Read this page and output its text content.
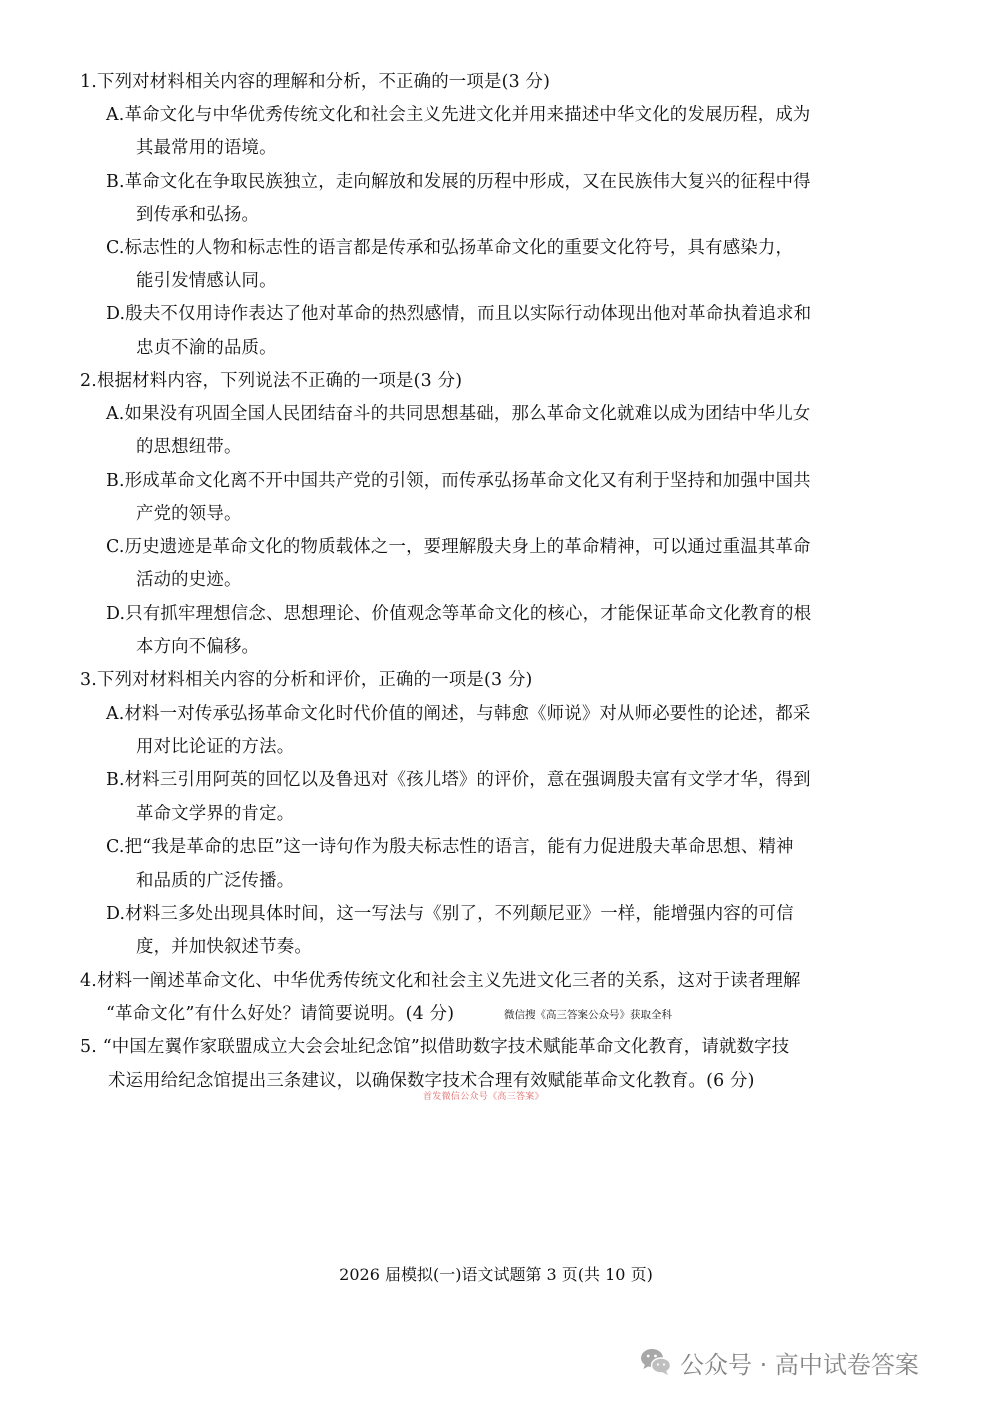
1.下列对材料相关内容的理解和分析，不正确的一项是(3 分)
A.革命文化与中华优秀传统文化和社会主义先进文化并用来描述中华文化的发展历程，成为
其最常用的语境。
B.革命文化在争取民族独立，走向解放和发展的历程中形成，又在民族伟大复兴的征程中得
到传承和弘扬。
C.标志性的人物和标志性的语言都是传承和弘扬革命文化的重要文化符号，具有感染力，
能引发情感认同。
D.殷夫不仅用诗作表达了他对革命的热烈感情，而且以实际行动体现出他对革命执着追求和
忠贞不渝的品质。
2.根据材料内容，下列说法不正确的一项是(3 分)
A.如果没有巩固全国人民团结奋斗的共同思想基础，那么革命文化就难以成为团结中华儿女
的思想纽带。
B.形成革命文化离不开中国共产党的引领，而传承弘扬革命文化又有利于坚持和加强中国共
产党的领导。
C.历史遗迹是革命文化的物质载体之一，要理解殷夫身上的革命精神，可以通过重温其革命
活动的史迹。
D.只有抓牢理想信念、思想理论、价值观念等革命文化的核心，才能保证革命文化教育的根
本方向不偏移。
3.下列对材料相关内容的分析和评价，正确的一项是(3 分)
A.材料一对传承弘扬革命文化时代价值的阐述，与韩愈《师说》对从师必要性的论述，都采
用对比论证的方法。
B.材料三引用阿英的回忆以及鲁迅对《孩儿塔》的评价，意在强调殷夫富有文学才华，得到
革命文学界的肯定。
C.把“我是革命的忠臣”这一诗句作为殷夫标志性的语言，能有力促进殷夫革命思想、精神
和品质的广泛传播。
D.材料三多处出现具体时间，这一写法与《别了，不列颠尼亚》一样，能增强内容的可信
度，并加快叙述节奏。
4.材料一阐述革命文化、中华优秀传统文化和社会主义先进文化三者的关系，这对于读者理解
“革命文化”有什么好处？请简要说明。(4 分)	微信搜《高三答案公众号》获取全科
5. “中国左翼作家联盟成立大会会址纪念馆”拟借助数字技术赋能革命文化教育，请就数字技
术运用给纪念馆提出三条建议，以确保数字技术合理有效赋能革命文化教育。(6 分)
首发微信公众号《高三答案》
2026 届模拟(一)语文试题第 3 页(共 10 页)
公众号 · 高中试卷答案
